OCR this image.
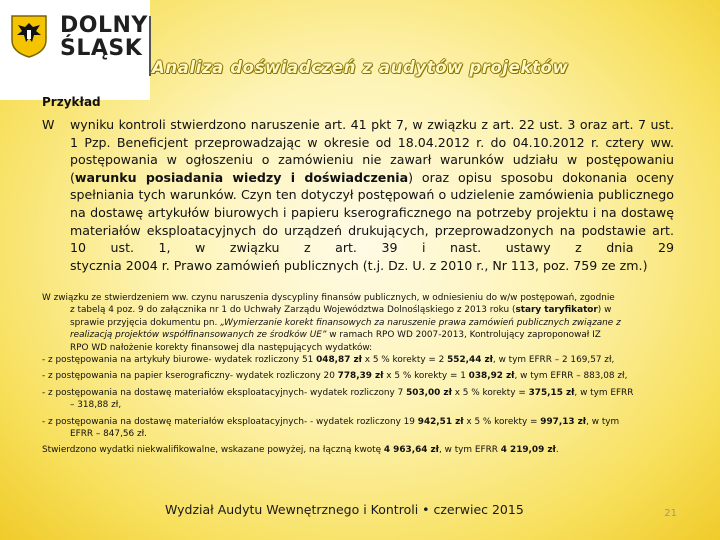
DOLNY
ŚLĄSK
Analiza doświadczeń z audytów projektów
Przykład
W	wyniku kontroli stwierdzono naruszenie art. 41 pkt 7, w związku z art. 22 ust. 3 oraz art. 7 ust. 1 Pzp. Beneficjent przeprowadzając w okresie od 18.04.2012 r. do 04.10.2012 r. cztery ww. postępowania w ogłoszeniu o zamówieniu nie zawarł warunków udziału w postępowaniu (warunku posiadania wiedzy i doświadczenia) oraz opisu sposobu dokonania oceny spełniania tych warunków. Czyn ten dotyczył postępowań o udzielenie zamówienia publicznego na dostawę artykułów biurowych i papieru kserograficznego na potrzeby projektu i na dostawę materiałów eksploatacyjnych do urządzeń drukujących, przeprowadzonych na podstawie art. 10 ust. 1, w związku z art. 39 i nast. ustawy z dnia 29
stycznia 2004 r. Prawo zamówień publicznych (t.j. Dz. U. z 2010 r., Nr 113, poz. 759 ze zm.)

W związku ze stwierdzeniem ww. czynu naruszenia dyscypliny finansów publicznych, w odniesieniu do w/w postępowań, zgodnie

z tabelą 4 poz. 9 do załącznika nr 1 do Uchwały Zarządu Województwa Dolnośląskiego z 2013 roku (stary taryfikator) w

sprawie przyjęcia dokumentu pn. „Wymierzanie korekt finansowych za naruszenie prawa zamówień publicznych związane z

realizacją projektów współfinansowanych ze środków UE” w ramach RPO WD 2007-2013, Kontrolujący zaproponował IZ

RPO WD nałożenie korekty finansowej dla następujących wydatków:

- z postępowania na artykuły biurowe- wydatek rozliczony 51 048,87 zł x 5 % korekty = 2 552,44 zł, w tym EFRR – 2 169,57 zł,

- z postępowania na papier kserograficzny- wydatek rozliczony 20 778,39 zł x 5 % korekty = 1 038,92 zł, w tym EFRR – 883,08 zł,

- z postępowania na dostawę materiałów eksploatacyjnych- wydatek rozliczony 7 503,00 zł x 5 % korekty = 375,15 zł, w tym EFRR

– 318,88 zł,

- z postępowania na dostawę materiałów eksploatacyjnych- - wydatek rozliczony 19 942,51 zł x 5 % korekty = 997,13 zł, w tym

EFRR – 847,56 zł.

Stwierdzono wydatki niekwalifikowalne, wskazane powyżej, na łączną kwotę 4 963,64 zł, w tym EFRR 4 219,09 zł.

Wydział Audytu Wewnętrznego i Kontroli • czerwiec 2015	21
